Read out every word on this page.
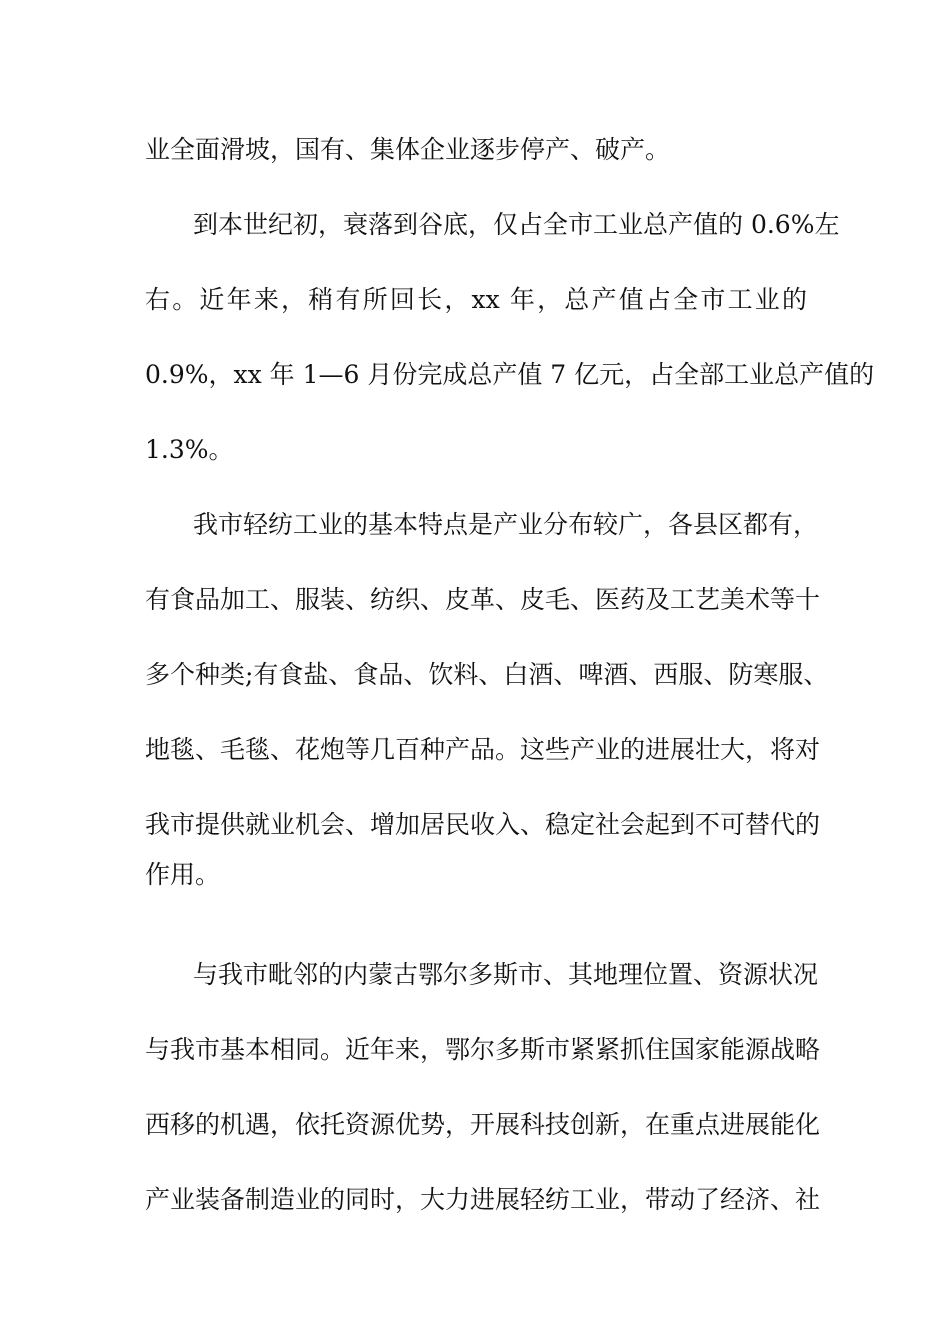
业全面滑坡，国有、集体企业逐步停产、破产。
到本世纪初，衰落到谷底，仅占全市工业总产值的 0.6%左
右。近年来，稍有所回长，xx 年，总产值占全市工业的
0.9%，xx 年 1—6 月份完成总产值 7 亿元，占全部工业总产值的
1.3%。
我市轻纺工业的基本特点是产业分布较广，各县区都有，
有食品加工、服装、纺织、皮革、皮毛、医药及工艺美术等十
多个种类;有食盐、食品、饮料、白酒、啤酒、西服、防寒服、
地毯、毛毯、花炮等几百种产品。这些产业的进展壮大，将对
我市提供就业机会、增加居民收入、稳定社会起到不可替代的
作用。
与我市毗邻的内蒙古鄂尔多斯市、其地理位置、资源状况
与我市基本相同。近年来，鄂尔多斯市紧紧抓住国家能源战略
西移的机遇，依托资源优势，开展科技创新，在重点进展能化
产业装备制造业的同时，大力进展轻纺工业，带动了经济、社
